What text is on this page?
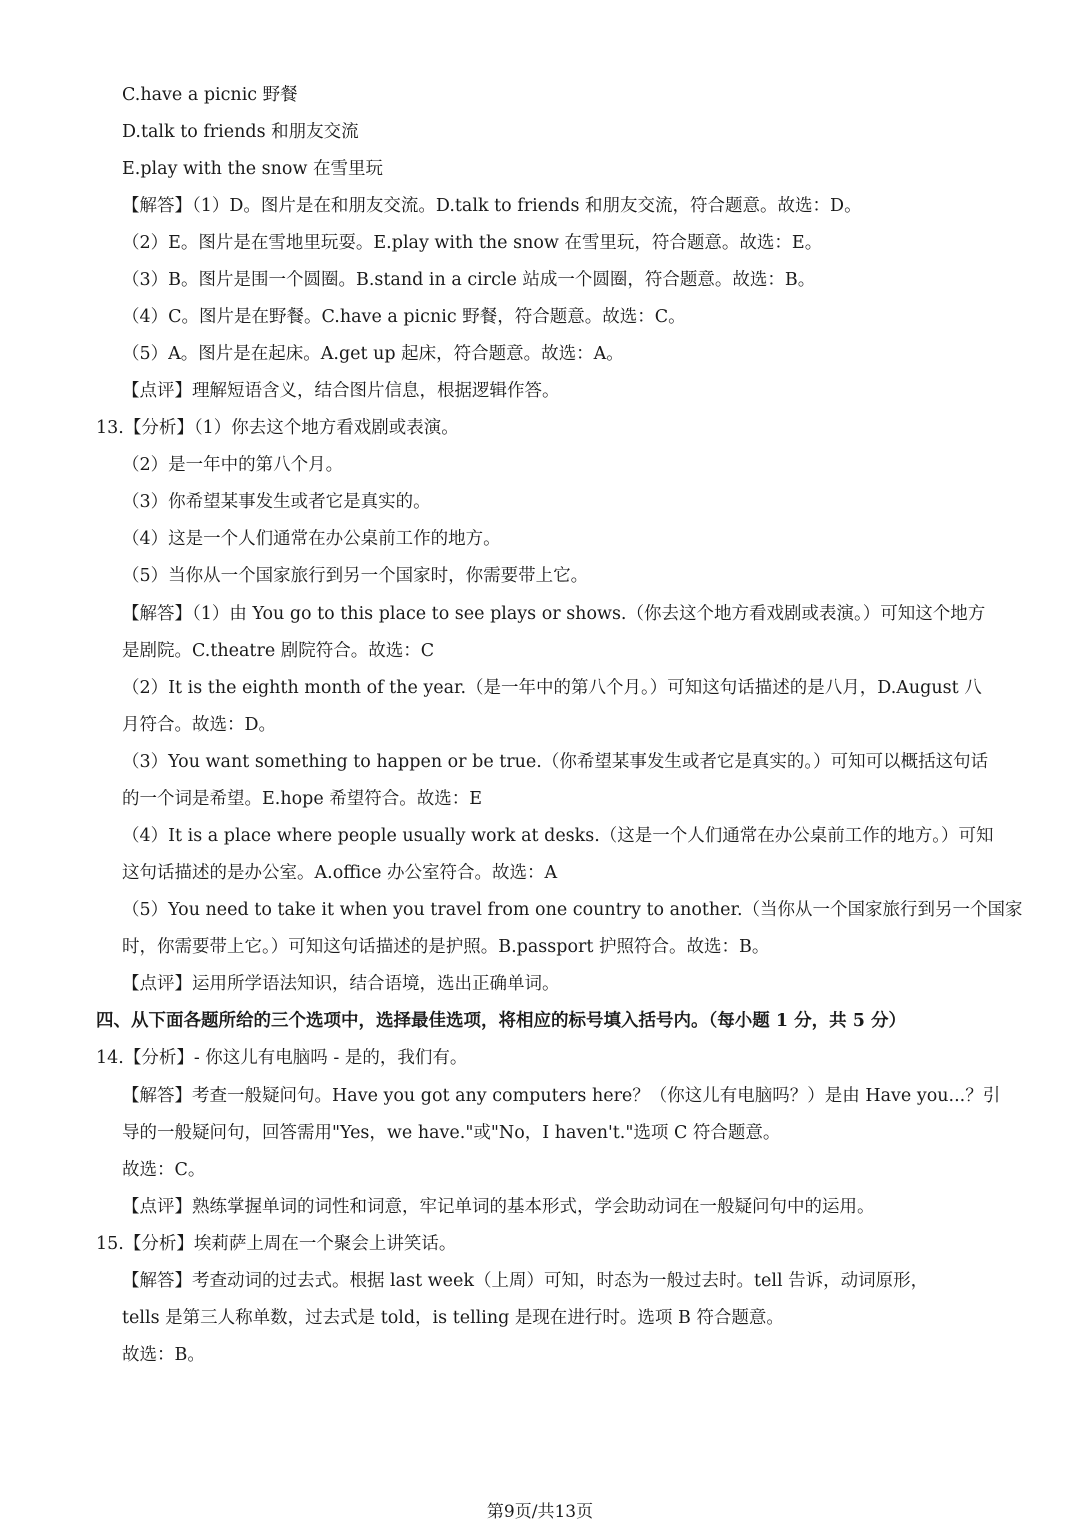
C.have a picnic 野餐
D.talk to friends 和朋友交流
E.play with the snow 在雪里玩
【解答】（1）D。图片是在和朋友交流。D.talk to friends 和朋友交流，符合题意。故选：D。
（2）E。图片是在雪地里玩耍。E.play with the snow 在雪里玩，符合题意。故选：E。
（3）B。图片是围一个圆圈。B.stand in a circle 站成一个圆圈，符合题意。故选：B。
（4）C。图片是在野餐。C.have a picnic 野餐，符合题意。故选：C。
（5）A。图片是在起床。A.get up 起床，符合题意。故选：A。
【点评】理解短语含义，结合图片信息，根据逻辑作答。
13.【分析】（1）你去这个地方看戏剧或表演。
（2）是一年中的第八个月。
（3）你希望某事发生或者它是真实的。
（4）这是一个人们通常在办公桌前工作的地方。
（5）当你从一个国家旅行到另一个国家时，你需要带上它。
【解答】（1）由 You go to this place to see plays or shows.（你去这个地方看戏剧或表演。）可知这个地方
是剧院。C.theatre 剧院符合。故选：C
（2）It is the eighth month of the year.（是一年中的第八个月。）可知这句话描述的是八月，D.August 八
月符合。故选：D。
（3）You want something to happen or be true.（你希望某事发生或者它是真实的。）可知可以概括这句话
的一个词是希望。E.hope 希望符合。故选：E
（4）It is a place where people usually work at desks.（这是一个人们通常在办公桌前工作的地方。）可知
这句话描述的是办公室。A.office 办公室符合。故选：A
（5）You need to take it when you travel from one country to another.（当你从一个国家旅行到另一个国家
时，你需要带上它。）可知这句话描述的是护照。B.passport 护照符合。故选：B。
【点评】运用所学语法知识，结合语境，选出正确单词。
四、从下面各题所给的三个选项中，选择最佳选项，将相应的标号填入括号内。（每小题 1 分，共 5 分）
14.【分析】- 你这儿有电脑吗 - 是的，我们有。
【解答】考查一般疑问句。Have you got any computers here？（你这儿有电脑吗？）是由 Have you...？引
导的一般疑问句，回答需用"Yes，we have."或"No，I haven't."选项 C 符合题意。
故选：C。
【点评】熟练掌握单词的词性和词意，牢记单词的基本形式，学会助动词在一般疑问句中的运用。
15.【分析】埃莉萨上周在一个聚会上讲笑话。
【解答】考查动词的过去式。根据 last week（上周）可知，时态为一般过去时。tell 告诉，动词原形，
tells 是第三人称单数，过去式是 told，is telling 是现在进行时。选项 B 符合题意。
故选：B。
第9页/共13页
